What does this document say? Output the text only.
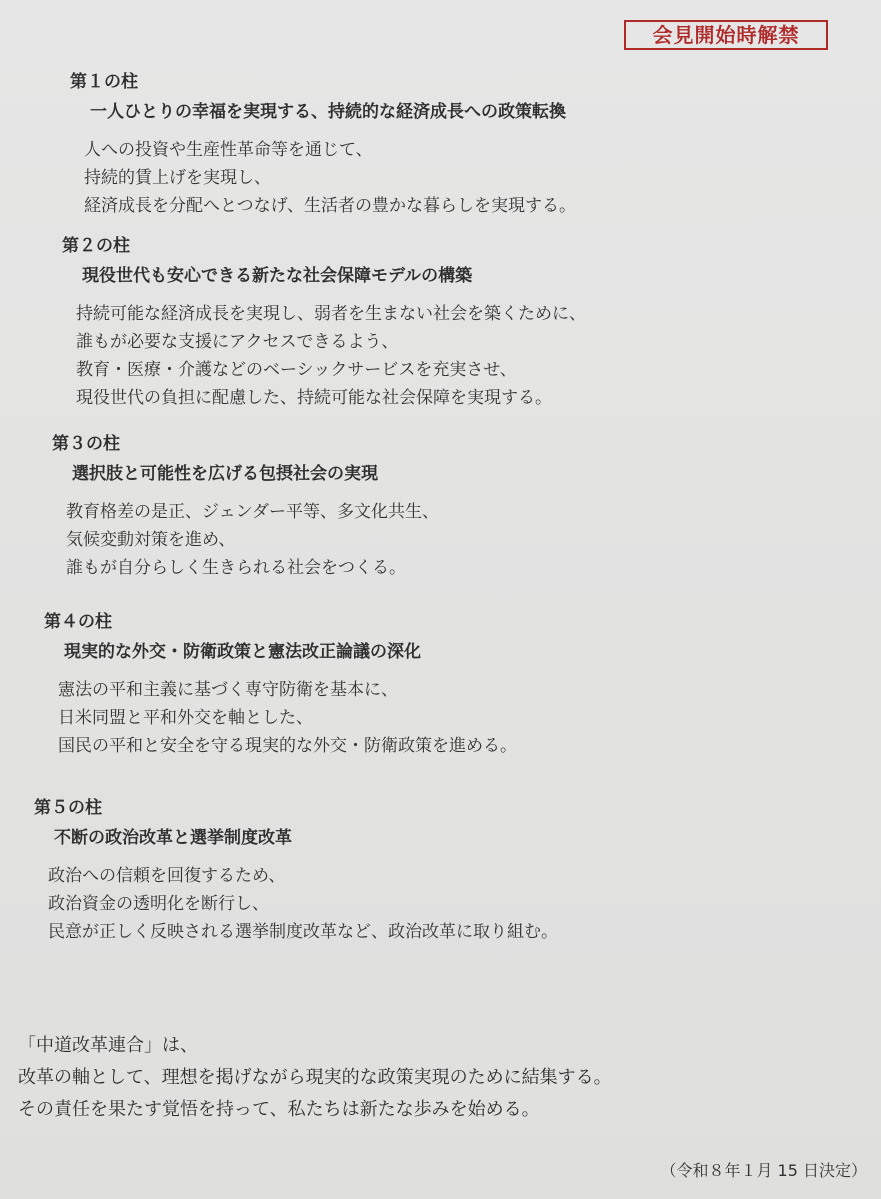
会見開始時解禁
第１の柱
一人ひとりの幸福を実現する、持続的な経済成長への政策転換
人への投資や生産性革命等を通じて、
持続的賃上げを実現し、
経済成長を分配へとつなげ、生活者の豊かな暮らしを実現する。
第２の柱
現役世代も安心できる新たな社会保障モデルの構築
持続可能な経済成長を実現し、弱者を生まない社会を築くために、
誰もが必要な支援にアクセスできるよう、
教育・医療・介護などのベーシックサービスを充実させ、
現役世代の負担に配慮した、持続可能な社会保障を実現する。
第３の柱
選択肢と可能性を広げる包摂社会の実現
教育格差の是正、ジェンダー平等、多文化共生、
気候変動対策を進め、
誰もが自分らしく生きられる社会をつくる。
第４の柱
現実的な外交・防衛政策と憲法改正論議の深化
憲法の平和主義に基づく専守防衛を基本に、
日米同盟と平和外交を軸とした、
国民の平和と安全を守る現実的な外交・防衛政策を進める。
第５の柱
不断の政治改革と選挙制度改革
政治への信頼を回復するため、
政治資金の透明化を断行し、
民意が正しく反映される選挙制度改革など、政治改革に取り組む。
「中道改革連合」は、
改革の軸として、理想を掲げながら現実的な政策実現のために結集する。
その責任を果たす覚悟を持って、私たちは新たな歩みを始める。
（令和８年１月 15 日決定）
